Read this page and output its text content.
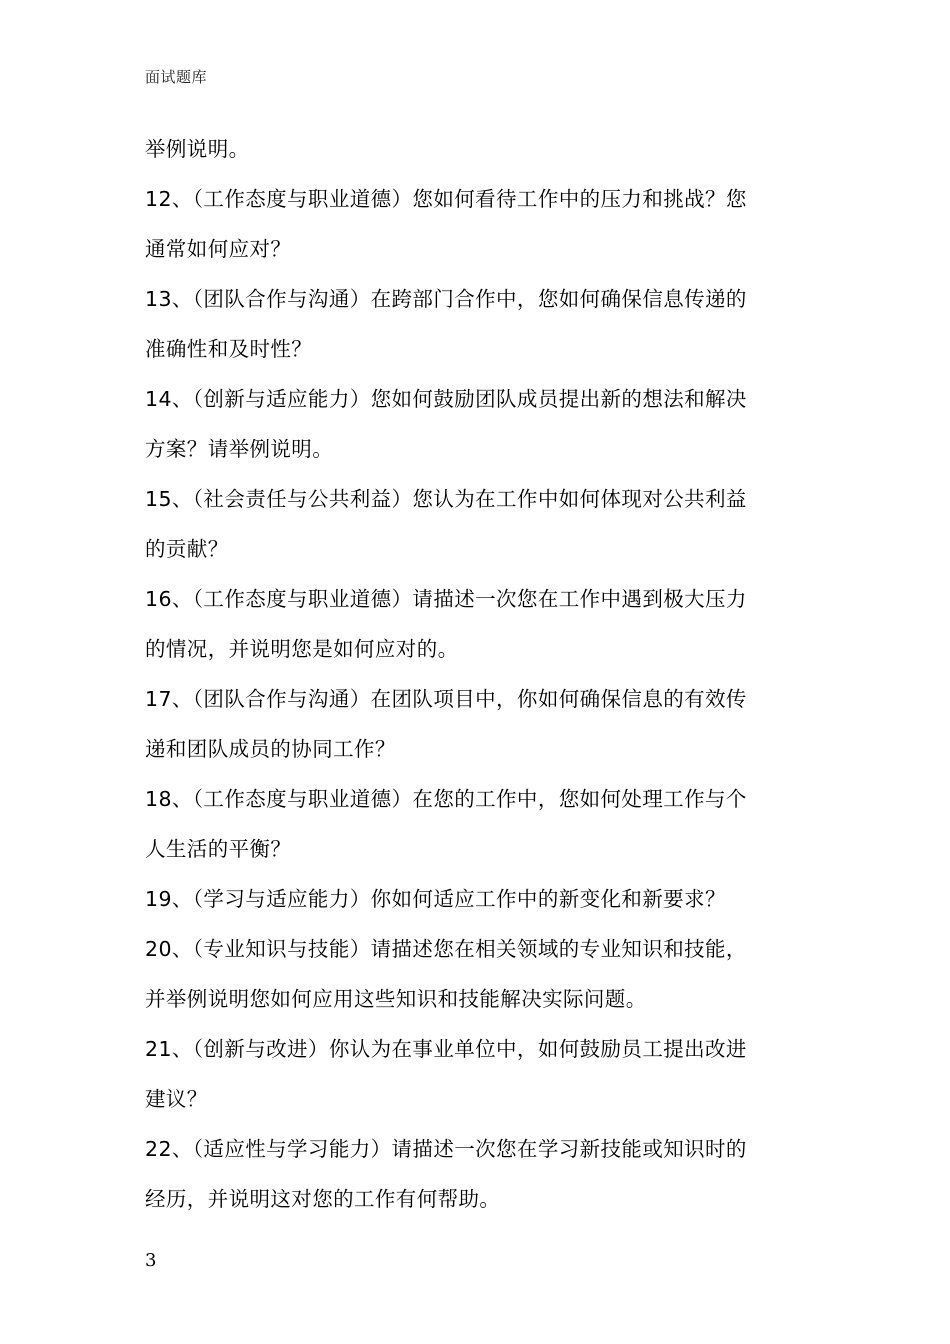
面试题库
举例说明。
12、（工作态度与职业道德）您如何看待工作中的压力和挑战？您
通常如何应对？
13、（团队合作与沟通）在跨部门合作中，您如何确保信息传递的
准确性和及时性？
14、（创新与适应能力）您如何鼓励团队成员提出新的想法和解决
方案？请举例说明。
15、（社会责任与公共利益）您认为在工作中如何体现对公共利益
的贡献？
16、（工作态度与职业道德）请描述一次您在工作中遇到极大压力
的情况，并说明您是如何应对的。
17、（团队合作与沟通）在团队项目中，你如何确保信息的有效传
递和团队成员的协同工作？
18、（工作态度与职业道德）在您的工作中，您如何处理工作与个
人生活的平衡？
19、（学习与适应能力）你如何适应工作中的新变化和新要求？
20、（专业知识与技能）请描述您在相关领域的专业知识和技能，
并举例说明您如何应用这些知识和技能解决实际问题。
21、（创新与改进）你认为在事业单位中，如何鼓励员工提出改进
建议？
22、（适应性与学习能力）请描述一次您在学习新技能或知识时的
经历，并说明这对您的工作有何帮助。
3
